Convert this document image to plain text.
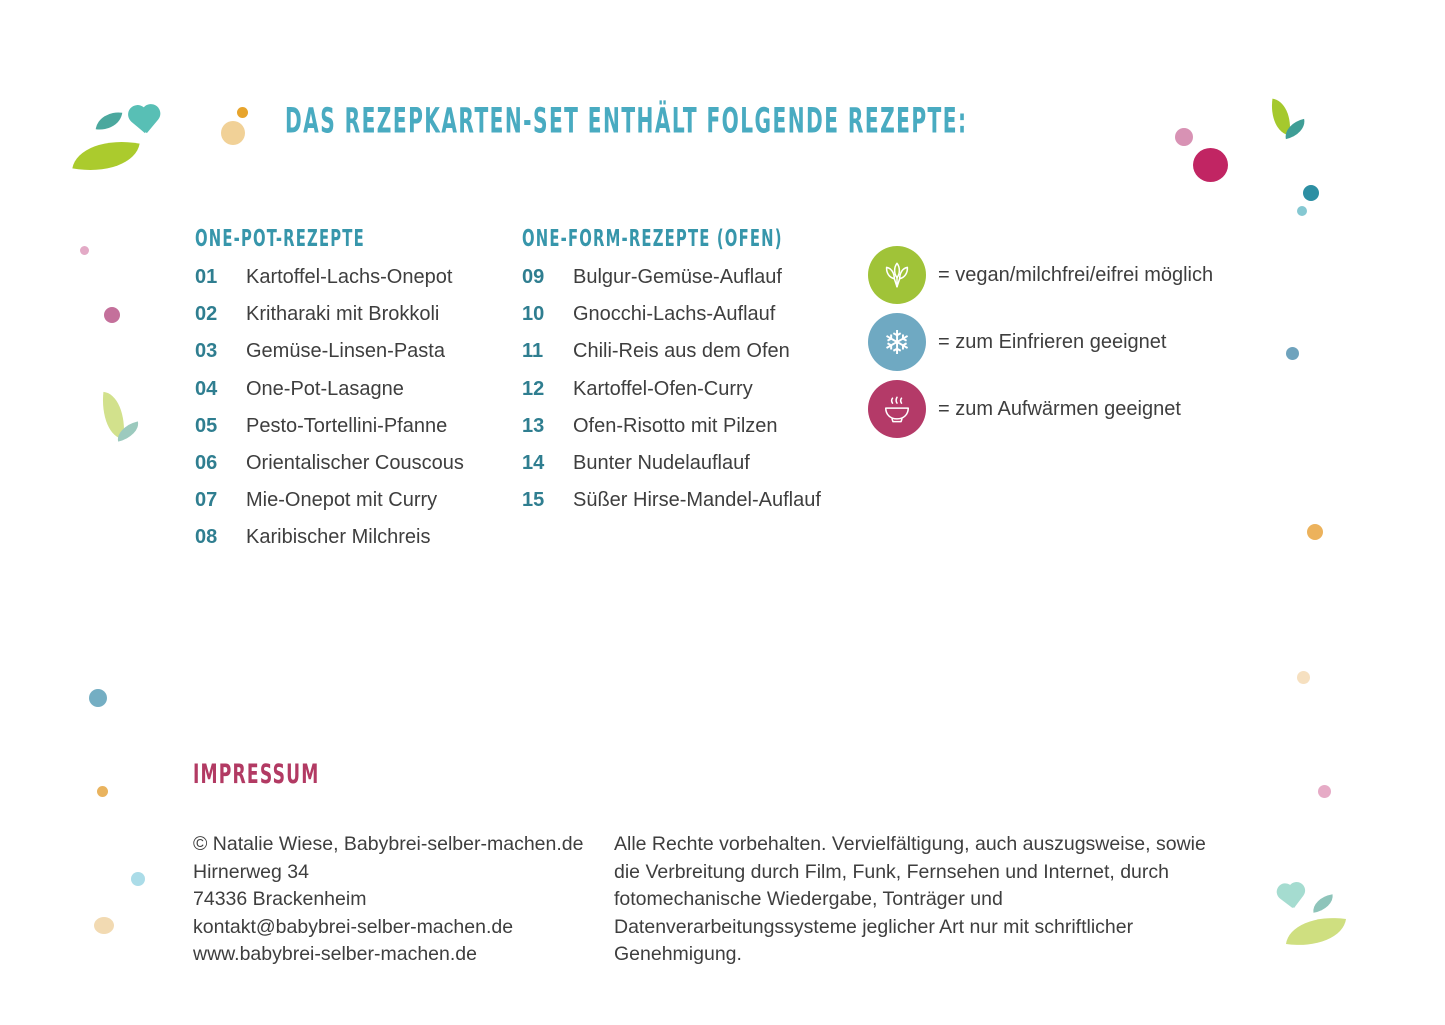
DAS REZEPKARTEN-SET ENTHÄLT FOLGENDE REZEPTE:
ONE-POT-REZEPTE
01	Kartoffel-Lachs-Onepot
02	Kritharaki mit Brokkoli
03	Gemüse-Linsen-Pasta
04	One-Pot-Lasagne
05	Pesto-Tortellini-Pfanne
06	Orientalischer Couscous
07	Mie-Onepot mit Curry
08	Karibischer Milchreis
ONE-FORM-REZEPTE (OFEN)
09	Bulgur-Gemüse-Auflauf
10	Gnocchi-Lachs-Auflauf
11	Chili-Reis aus dem Ofen
12	Kartoffel-Ofen-Curry
13	Ofen-Risotto mit Pilzen
14	Bunter Nudelauflauf
15	Süßer Hirse-Mandel-Auflauf
= vegan/milchfrei/eifrei möglich
❄ = zum Einfrieren geeignet
= zum Aufwärmen geeignet
IMPRESSUM
© Natalie Wiese, Babybrei-selber-machen.de
Hirnerweg 34
74336 Brackenheim
kontakt@babybrei-selber-machen.de
www.babybrei-selber-machen.de
Alle Rechte vorbehalten. Vervielfältigung, auch auszugsweise, sowie die Verbreitung durch Film, Funk, Fernsehen und Internet, durch fotomechanische Wiedergabe, Tonträger und Datenverarbeitungssysteme jeglicher Art nur mit schriftlicher Genehmigung.
